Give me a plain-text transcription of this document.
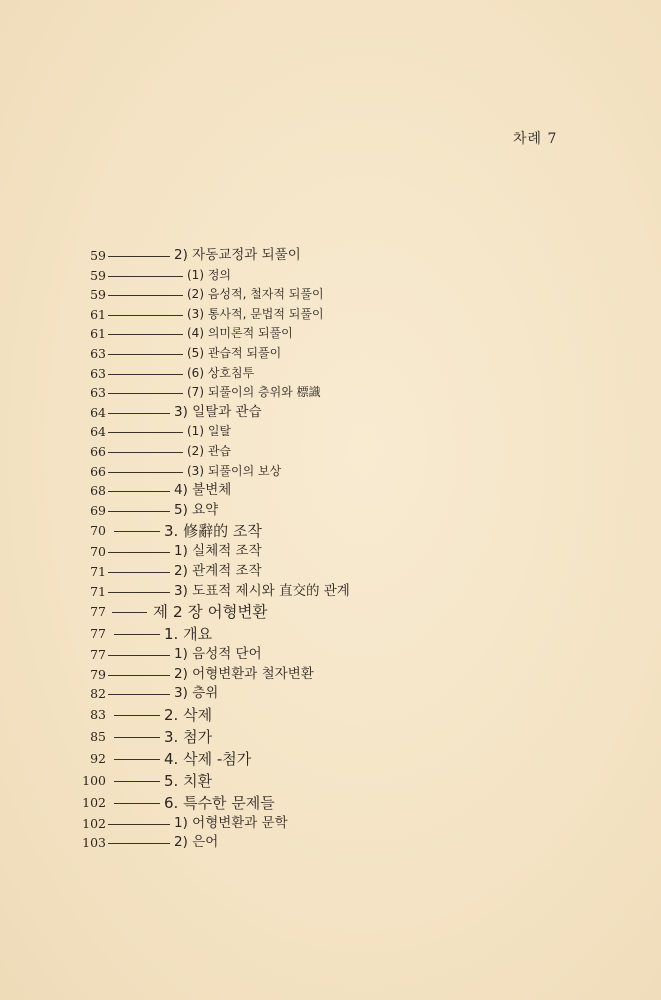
차례 7
59	2) 자동교정과 되풀이
59	(1) 정의
59	(2) 음성적, 철자적 되풀이
61	(3) 통사적, 문법적 되풀이
61	(4) 의미론적 되풀이
63	(5) 관습적 되풀이
63	(6) 상호침투
63	(7) 되풀이의 층위와 標識
64	3) 일탈과 관습
64	(1) 일탈
66	(2) 관습
66	(3) 되풀이의 보상
68	4) 불변체
69	5) 요약
70	3. 修辭的 조작
70	1) 실체적 조작
71	2) 관계적 조작
71	3) 도표적 제시와 直交的 관계
77	제 2 장 어형변환
77	1. 개요
77	1) 음성적 단어
79	2) 어형변환과 철자변환
82	3) 층위
83	2. 삭제
85	3. 첨가
92	4. 삭제 -첨가
100	5. 치환
102	6. 특수한 문제들
102	1) 어형변환과 문학
103	2) 은어
